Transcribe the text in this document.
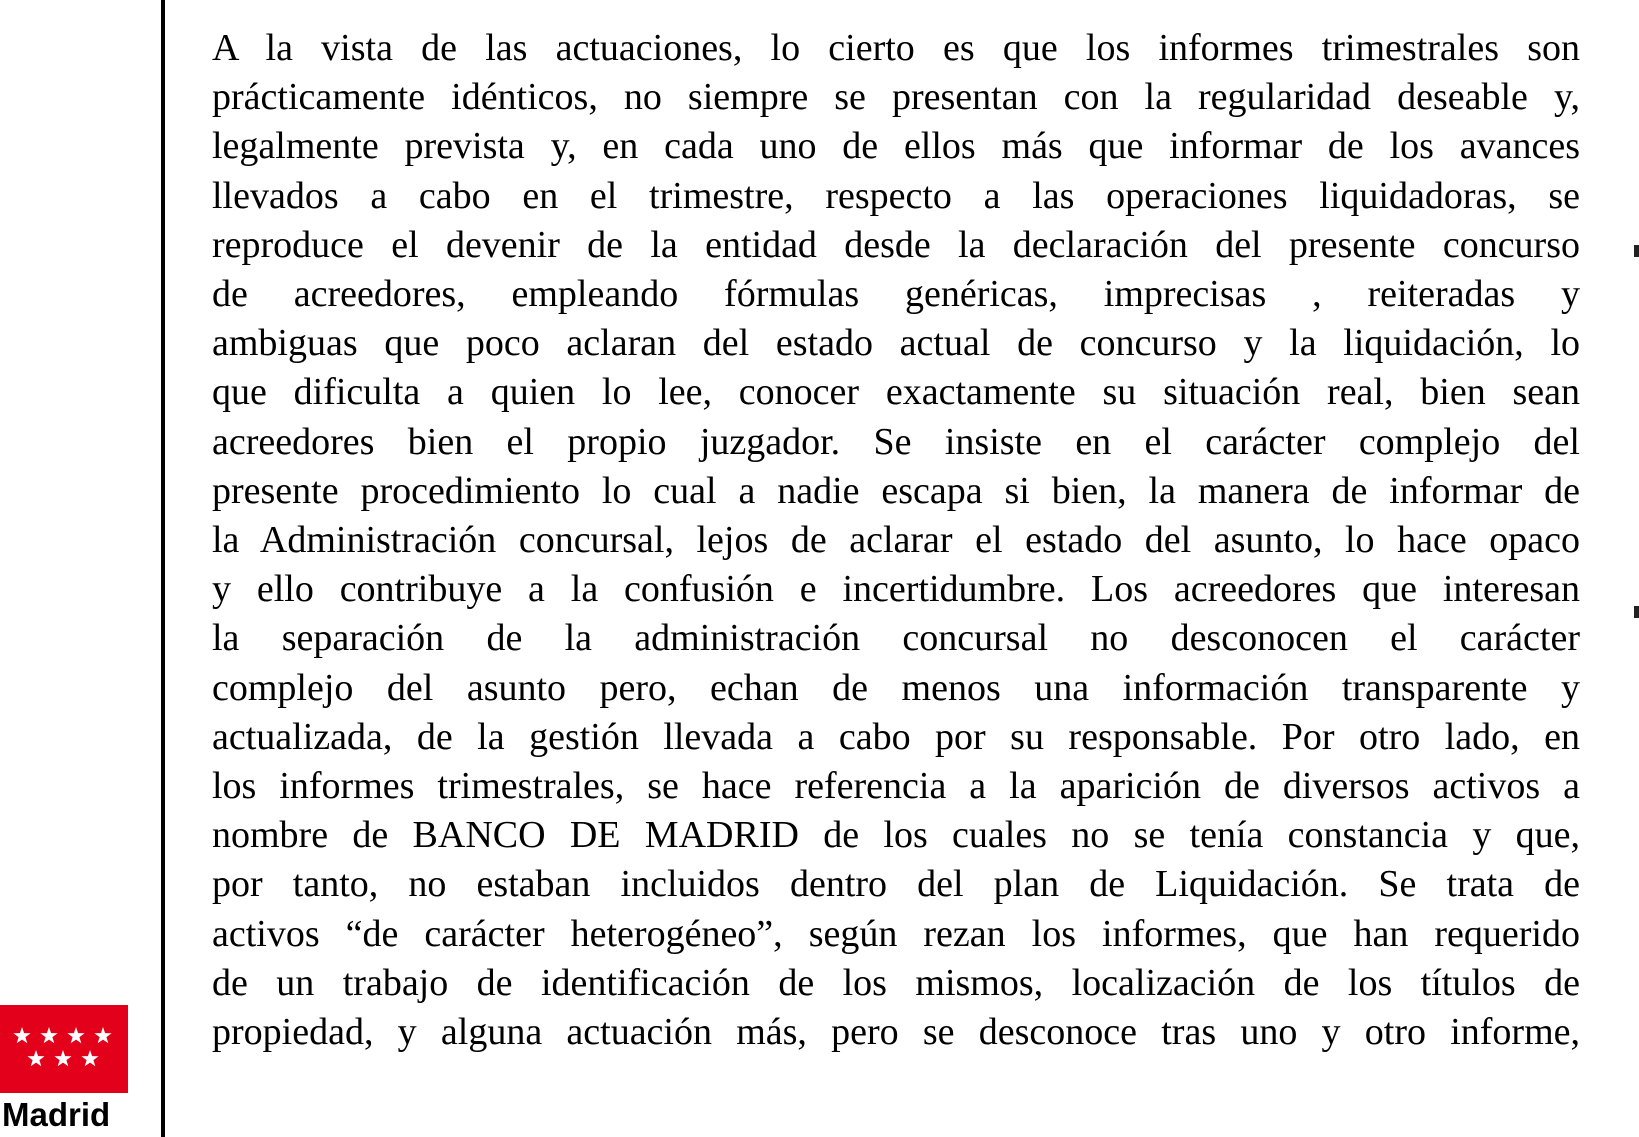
A la vista de las actuaciones, lo cierto es que los informes trimestrales son
prácticamente idénticos, no siempre se presentan con la regularidad deseable y,
legalmente prevista y, en cada uno de ellos más que informar de los avances
llevados a cabo en el trimestre, respecto a las operaciones liquidadoras, se
reproduce el devenir de la entidad desde la declaración del presente concurso
de acreedores, empleando fórmulas genéricas, imprecisas , reiteradas y
ambiguas que poco aclaran del estado actual de concurso y la liquidación, lo
que dificulta a quien lo lee, conocer exactamente su situación real, bien sean
acreedores bien el propio juzgador. Se insiste en el carácter complejo del
presente procedimiento lo cual a nadie escapa si bien, la manera de informar de
la Administración concursal, lejos de aclarar el estado del asunto, lo hace opaco
y ello contribuye a la confusión e incertidumbre. Los acreedores que interesan
la separación de la administración concursal no desconocen el carácter
complejo del asunto pero, echan de menos una información transparente y
actualizada, de la gestión llevada a cabo por su responsable. Por otro lado, en
los informes trimestrales, se hace referencia a la aparición de diversos activos a
nombre de BANCO DE MADRID de los cuales no se tenía constancia y que,
por tanto, no estaban incluidos dentro del plan de Liquidación. Se trata de
activos “de carácter heterogéneo”, según rezan los informes, que han requerido
de un trabajo de identificación de los mismos, localización de los títulos de
propiedad, y alguna actuación más, pero se desconoce tras uno y otro informe,
Madrid
